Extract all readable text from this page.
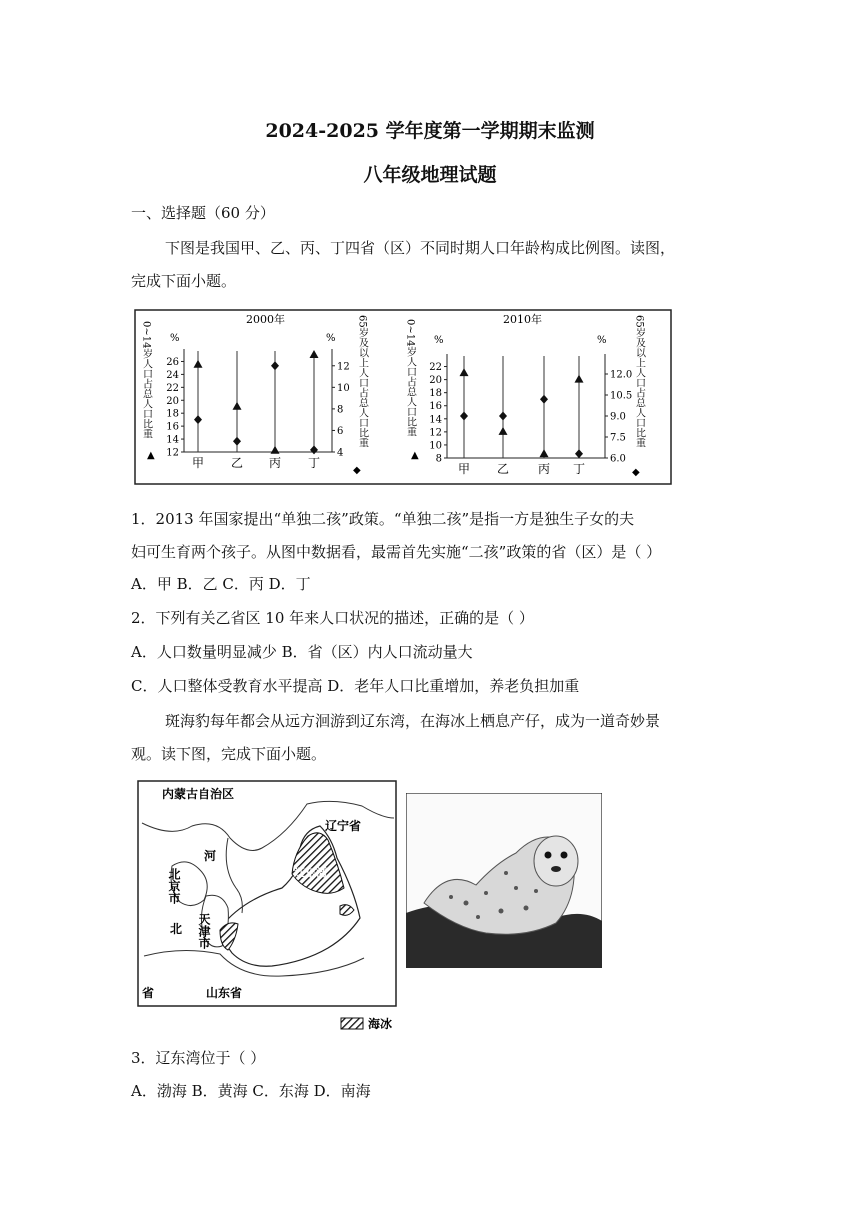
2024-2025 学年度第一学期期末监测
八年级地理试题
一、选择题（60 分）
下图是我国甲、乙、丙、丁四省（区）不同时期人口年龄构成比例图。读图，
完成下面小题。
0~14岁人口占总人口比重
▲
65岁及以上人口占总人口比重
◆
0~14岁人口占总人口比重
▲
65岁及以上人口占总人口比重
◆
2000年
%	%
26
24
22
20
18
16
14
12
12
10
8
6
4
甲 乙 丙 丁
2010年
%	%
22
20
18
16
14
12
10
8
12.0
10.5
9.0
7.5
6.0
甲 乙 丙 丁
1．2013 年国家提出“单独二孩”政策。“单独二孩”是指一方是独生子女的夫
妇可生育两个孩子。从图中数据看，最需首先实施“二孩”政策的省（区）是（ ）
A．甲 B．乙 C．丙 D．丁
2．下列有关乙省区 10 年来人口状况的描述，正确的是（ ）
A．人口数量明显减少 B．省（区）内人口流动量大
C．人口整体受教育水平提高 D．老年人口比重增加，养老负担加重
斑海豹每年都会从远方洄游到辽东湾，在海冰上栖息产仔，成为一道奇妙景
观。读下图，完成下面小题。
内蒙古自治区
辽宁省
河
北
省
北京市
天津市
辽东湾
山东省
海冰
3．辽东湾位于（ ）
A．渤海 B．黄海 C．东海 D．南海
